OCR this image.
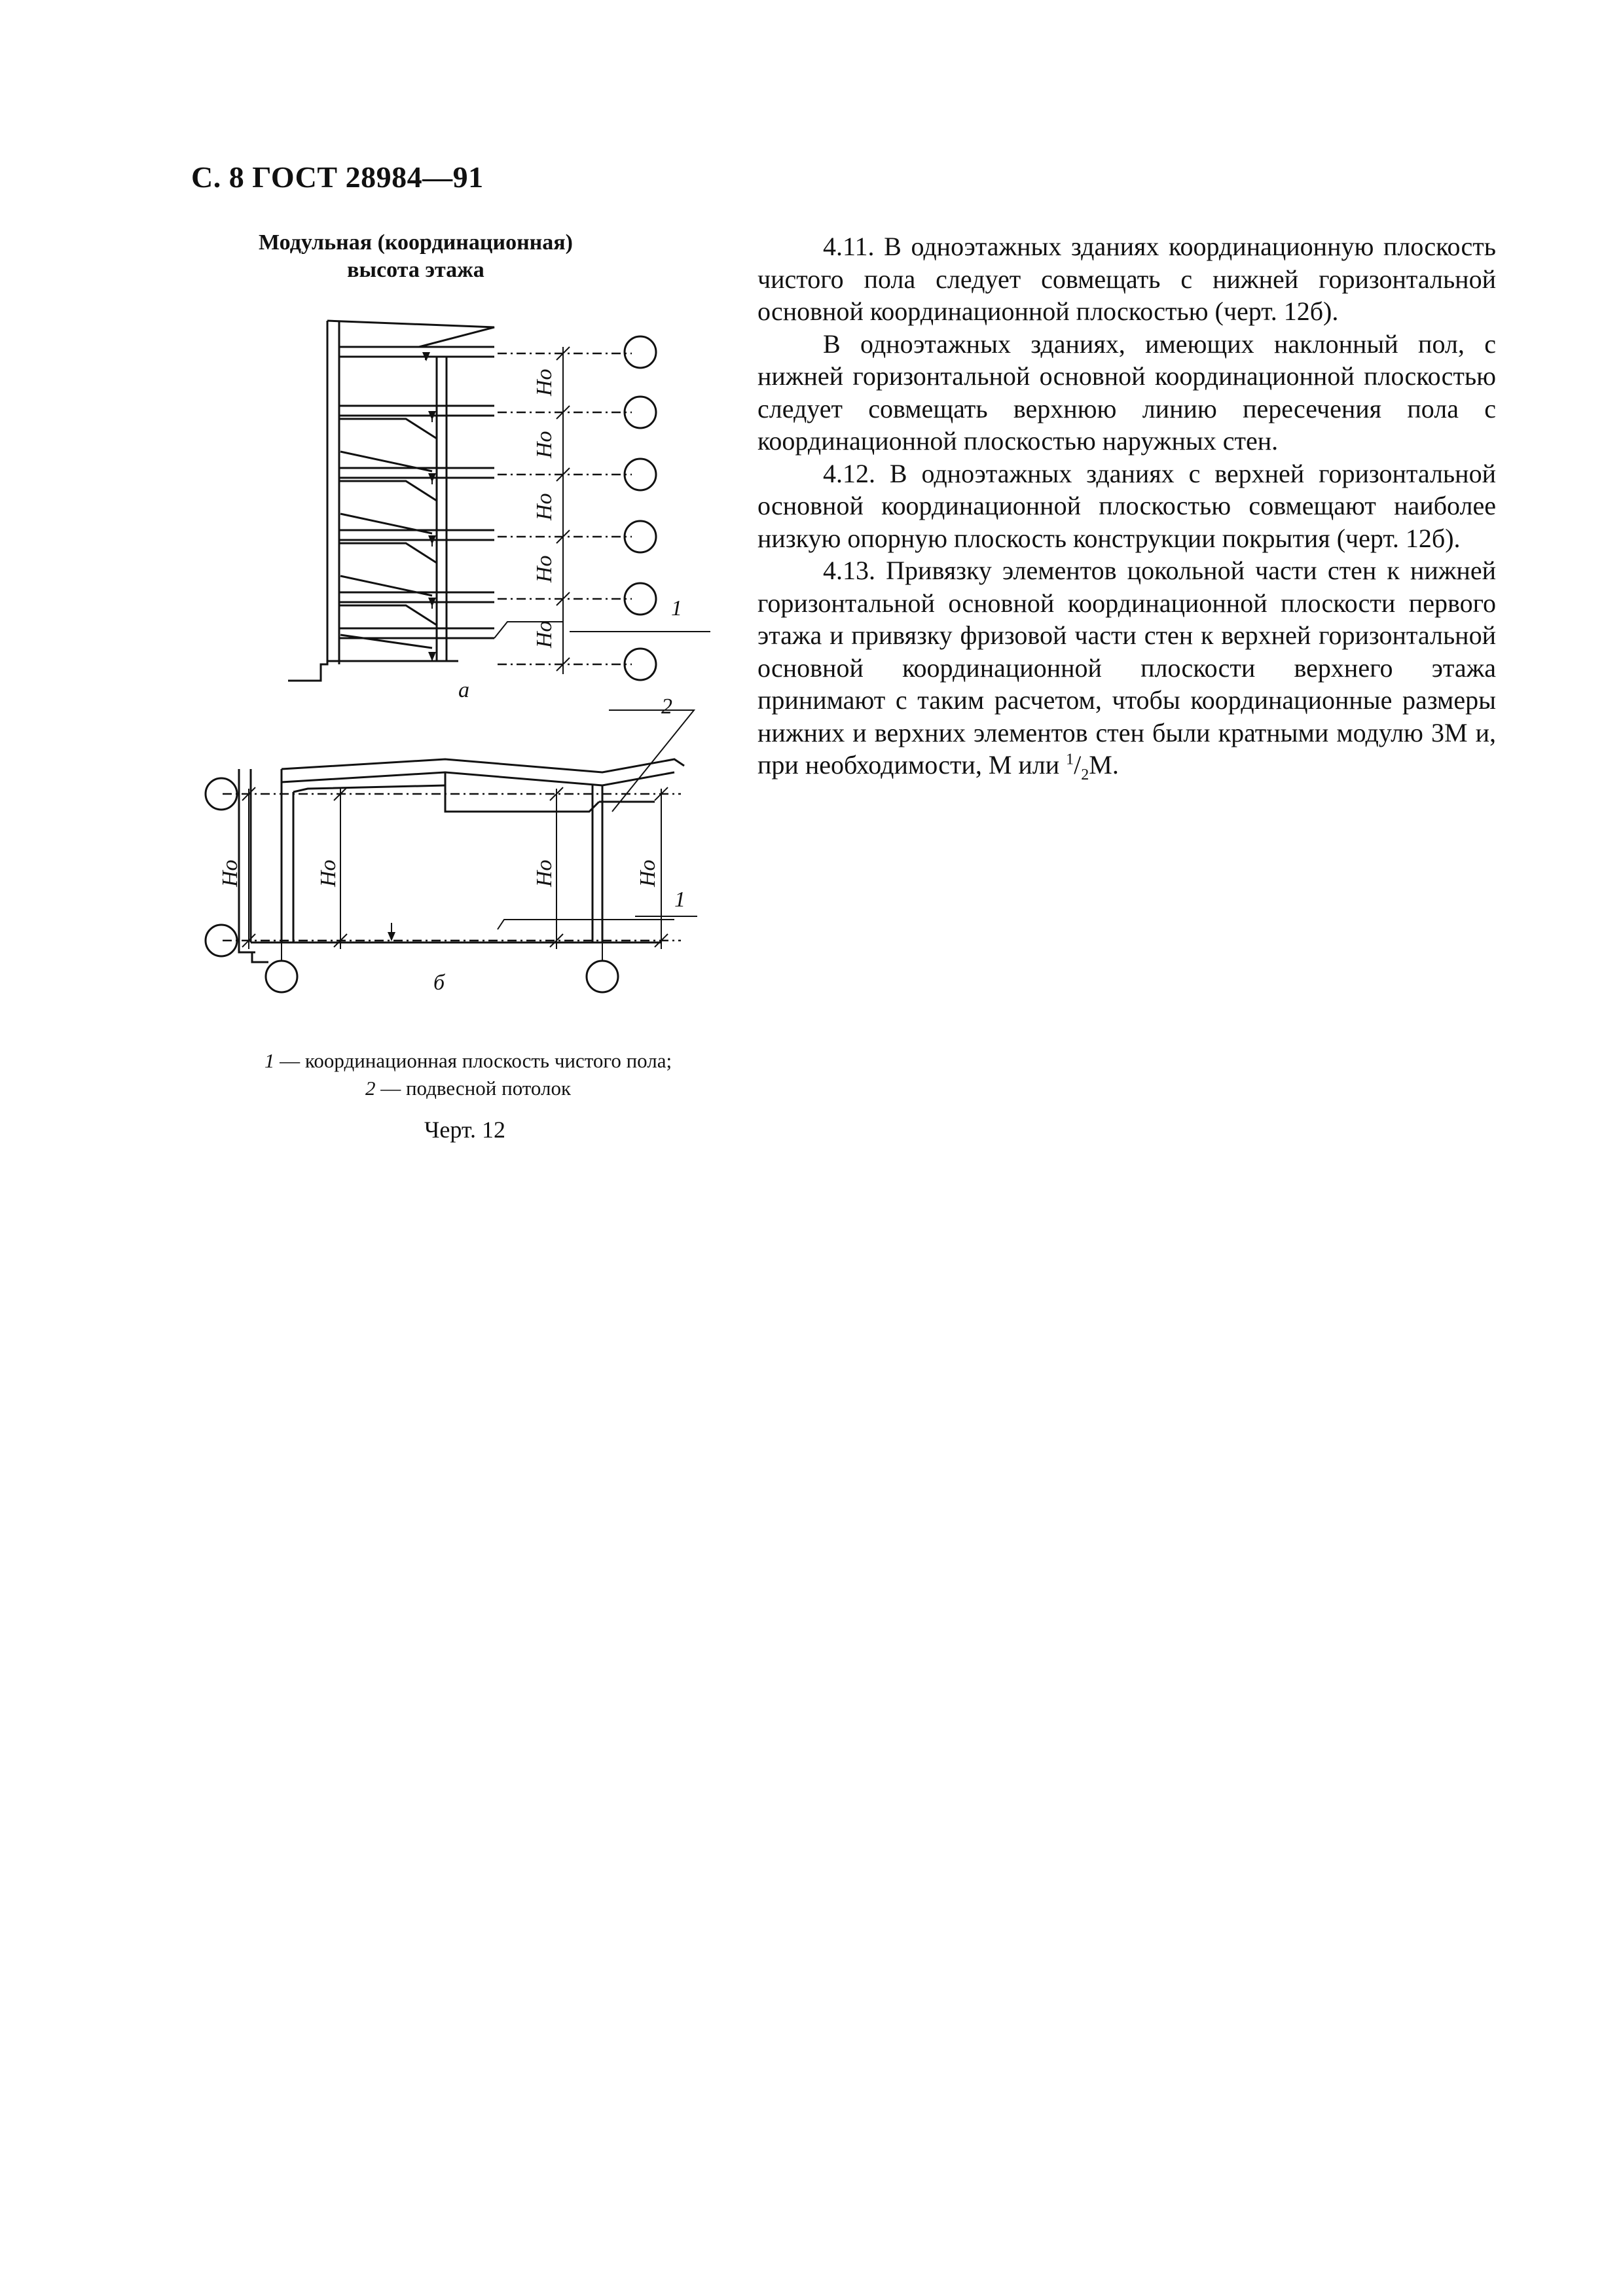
С. 8 ГОСТ 28984—91
Модульная (координационная)
высота этажа
а
б
1
1
2
Hо
Hо
Hо
Hо
Hо
Hо	Hо	Hо	Hо
1 — координационная плоскость чистого пола;
2 — подвесной потолок
Черт. 12

4.11. В одноэтажных зданиях координационную плоскость чистого пола следует совмещать с нижней горизонтальной основной координационной плоскостью (черт. 12б).

В одноэтажных зданиях, имеющих наклонный пол, с нижней горизонтальной основной координационной плоскостью следует совмещать верхнюю линию пересечения пола с координационной плоскостью наружных стен.

4.12. В одноэтажных зданиях с верхней горизонтальной основной координационной плоскостью совмещают наиболее низкую опорную плоскость конструкции покрытия (черт. 12б).

4.13. Привязку элементов цокольной части стен к нижней горизонтальной основной координационной плоскости первого этажа и привязку фризовой части стен к верхней горизонтальной основной координационной плоскости верхнего этажа принимают с таким расчетом, чтобы координационные размеры нижних и верхних элементов стен были кратными модулю 3М и, при необходимости, М или $^1/_2М$.
